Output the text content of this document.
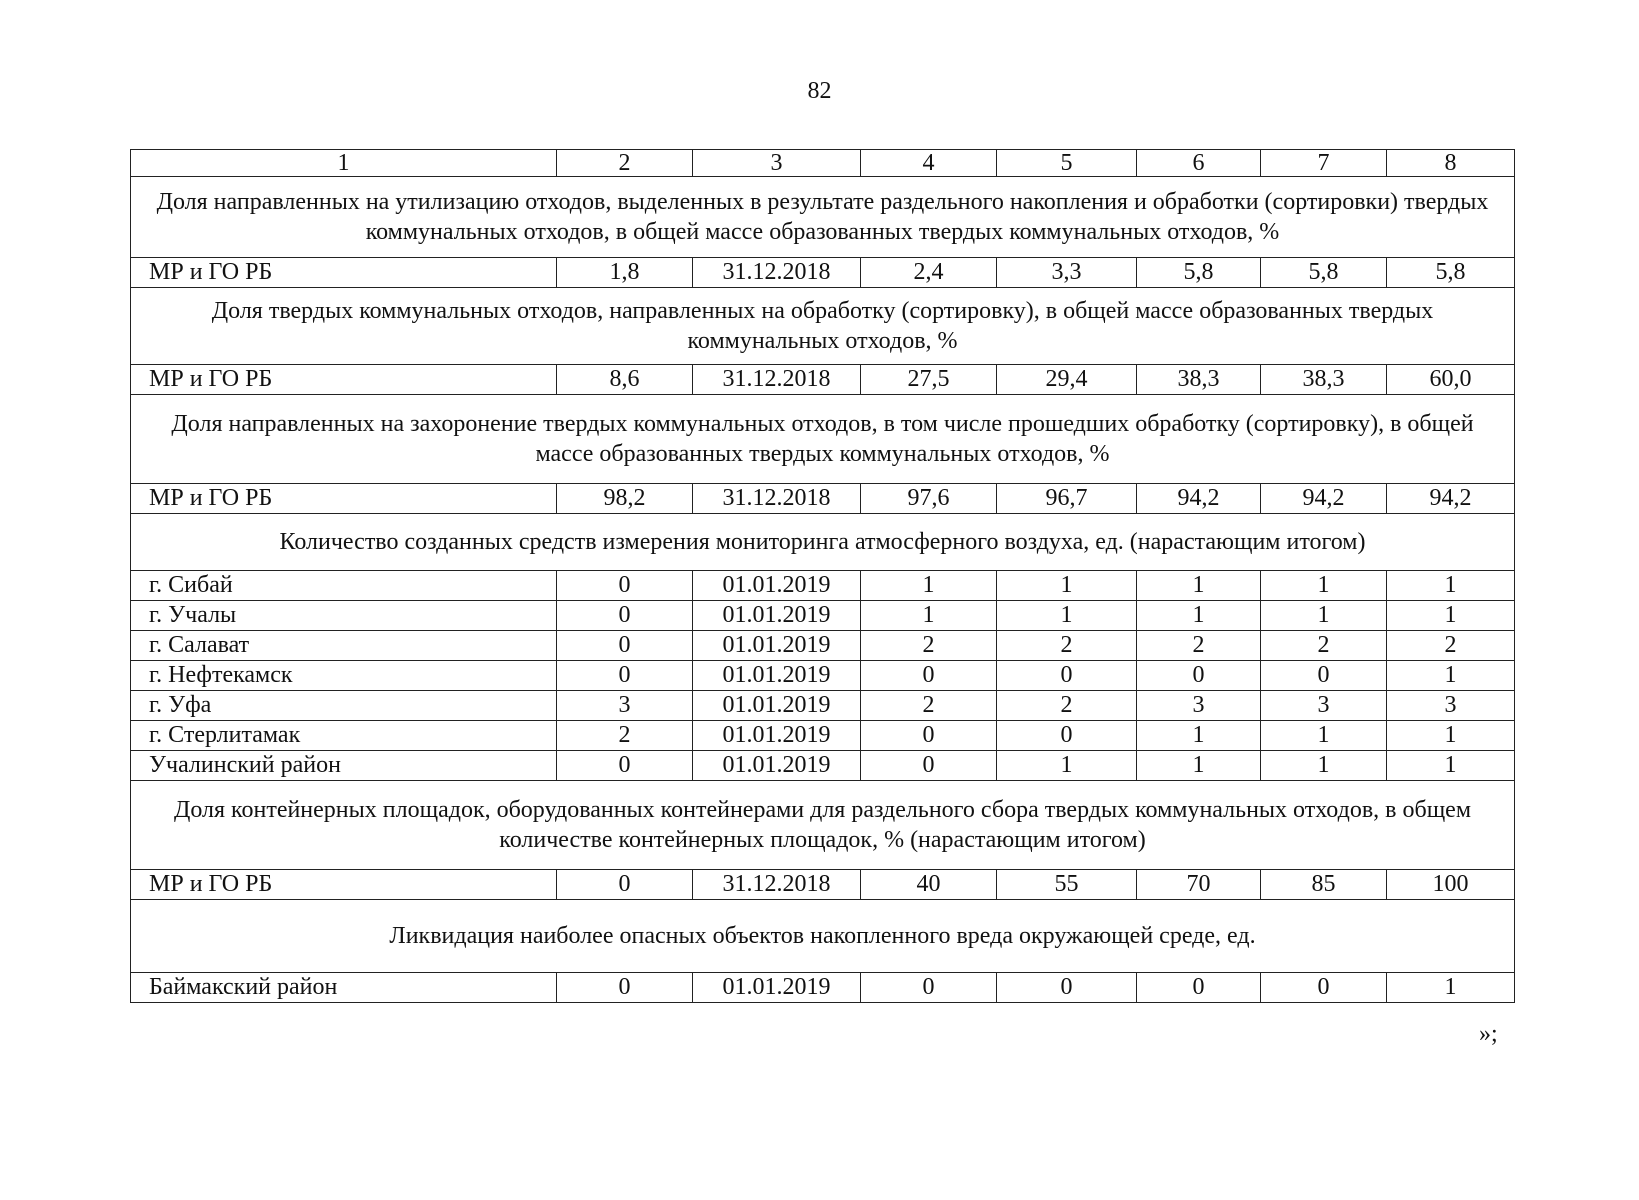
82
1	2	3	4	5	6	7	8
Доля направленных на утилизацию отходов, выделенных в результате раздельного накопления и обработки (сортировки) твердых коммунальных отходов, в общей массе образованных твердых коммунальных отходов, %							
МР и ГО РБ	1,8	31.12.2018	2,4	3,3	5,8	5,8	5,8
Доля твердых коммунальных отходов, направленных на обработку (сортировку), в общей массе образованных твердых коммунальных отходов, %							
МР и ГО РБ	8,6	31.12.2018	27,5	29,4	38,3	38,3	60,0
Доля направленных на захоронение твердых коммунальных отходов, в том числе прошедших обработку (сортировку), в общей массе образованных твердых коммунальных отходов, %							
МР и ГО РБ	98,2	31.12.2018	97,6	96,7	94,2	94,2	94,2
Количество созданных средств измерения мониторинга атмосферного воздуха, ед. (нарастающим итогом)							
г. Сибай	0	01.01.2019	1	1	1	1	1
г. Учалы	0	01.01.2019	1	1	1	1	1
г. Салават	0	01.01.2019	2	2	2	2	2
г. Нефтекамск	0	01.01.2019	0	0	0	0	1
г. Уфа	3	01.01.2019	2	2	3	3	3
г. Стерлитамак	2	01.01.2019	0	0	1	1	1
Учалинский район	0	01.01.2019	0	1	1	1	1
Доля контейнерных площадок, оборудованных контейнерами для раздельного сбора твердых коммунальных отходов, в общем количестве контейнерных площадок, % (нарастающим итогом)							
МР и ГО РБ	0	31.12.2018	40	55	70	85	100
Ликвидация наиболее опасных объектов накопленного вреда окружающей среде, ед.							
Баймакский район	0	01.01.2019	0	0	0	0	1
»;
